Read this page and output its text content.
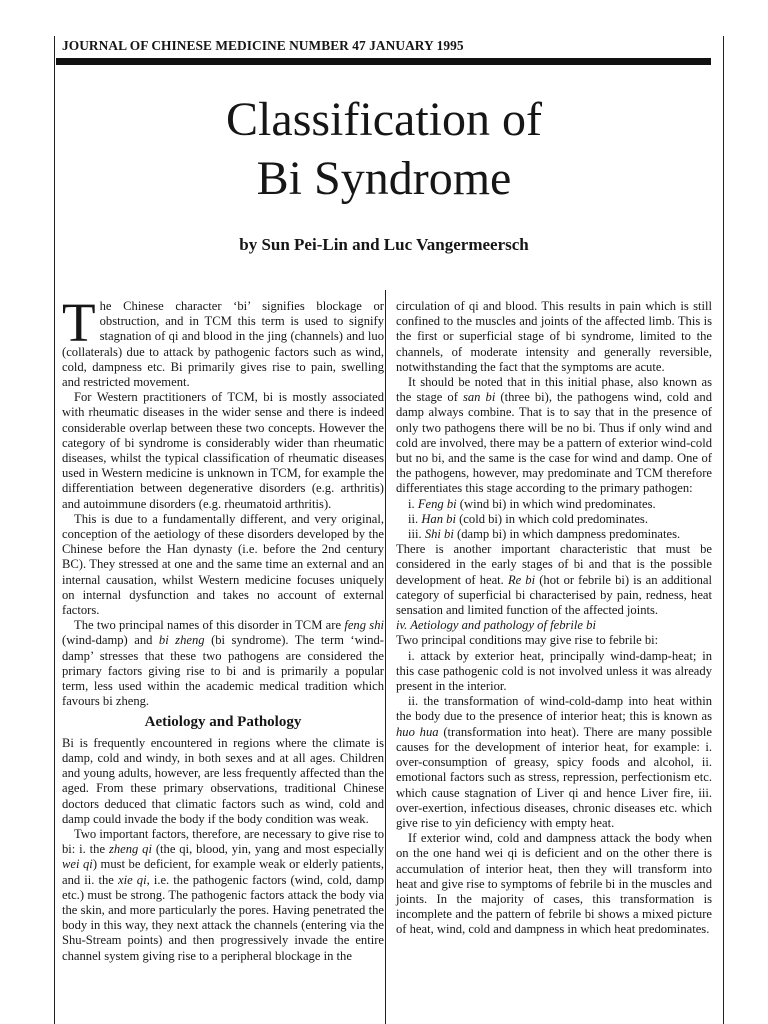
JOURNAL OF CHINESE MEDICINE NUMBER 47 JANUARY 1995
Classification of
Bi Syndrome
by Sun Pei-Lin and Luc Vangermeersch

The Chinese character ‘bi’ signifies blockage or obstruction, and in TCM this term is used to signify stagnation of qi and blood in the jing (channels) and luo (collaterals) due to attack by pathogenic factors such as wind, cold, dampness etc. Bi primarily gives rise to pain, swelling and restricted movement.

For Western practitioners of TCM, bi is mostly associated with rheumatic diseases in the wider sense and there is indeed considerable overlap between these two concepts. However the category of bi syndrome is considerably wider than rheumatic diseases, whilst the typical classification of rheumatic diseases used in Western medicine is unknown in TCM, for example the differentiation between degenerative disorders (e.g. arthritis) and autoimmune disorders (e.g. rheumatoid arthritis).

This is due to a fundamentally different, and very original, conception of the aetiology of these disorders developed by the Chinese before the Han dynasty (i.e. before the 2nd century BC). They stressed at one and the same time an external and an internal causation, whilst Western medicine focuses uniquely on internal dysfunction and takes no account of external factors.

The two principal names of this disorder in TCM are feng shi (wind-damp) and bi zheng (bi syndrome). The term ‘wind-damp’ stresses that these two pathogens are considered the primary factors giving rise to bi and is primarily a popular term, less used within the academic medical tradition which favours bi zheng.

Aetiology and Pathology

Bi is frequently encountered in regions where the climate is damp, cold and windy, in both sexes and at all ages. Children and young adults, however, are less frequently affected than the aged. From these primary observations, traditional Chinese doctors deduced that climatic factors such as wind, cold and damp could invade the body if the body condition was weak.

Two important factors, therefore, are necessary to give rise to bi: i. the zheng qi (the qi, blood, yin, yang and most especially wei qi) must be deficient, for example weak or elderly patients, and ii. the xie qi, i.e. the pathogenic factors (wind, cold, damp etc.) must be strong. The pathogenic factors attack the body via the skin, and more particularly the pores. Having penetrated the body in this way, they next attack the channels (entering via the Shu-Stream points) and then progressively invade the entire channel system giving rise to a peripheral blockage in the

circulation of qi and blood. This results in pain which is still confined to the muscles and joints of the affected limb. This is the first or superficial stage of bi syndrome, limited to the channels, of moderate intensity and generally reversible, notwithstanding the fact that the symptoms are acute.

It should be noted that in this initial phase, also known as the stage of san bi (three bi), the pathogens wind, cold and damp always combine. That is to say that in the presence of only two pathogens there will be no bi. Thus if only wind and cold are involved, there may be a pattern of exterior wind-cold but no bi, and the same is the case for wind and damp. One of the pathogens, however, may predominate and TCM therefore differentiates this stage according to the primary pathogen:

i. Feng bi (wind bi) in which wind predominates.

ii. Han bi (cold bi) in which cold predominates.

iii. Shi bi (damp bi) in which dampness predominates.

There is another important characteristic that must be considered in the early stages of bi and that is the possible development of heat. Re bi (hot or febrile bi) is an additional category of superficial bi characterised by pain, redness, heat sensation and limited function of the affected joints.

iv. Aetiology and pathology of febrile bi

Two principal conditions may give rise to febrile bi:

i. attack by exterior heat, principally wind-damp-heat; in this case pathogenic cold is not involved unless it was already present in the interior.

ii. the transformation of wind-cold-damp into heat within the body due to the presence of interior heat; this is known as huo hua (transformation into heat). There are many possible causes for the development of interior heat, for example: i. over-consumption of greasy, spicy foods and alcohol, ii. emotional factors such as stress, repression, perfectionism etc. which cause stagnation of Liver qi and hence Liver fire, iii. over-exertion, infectious diseases, chronic diseases etc. which give rise to yin deficiency with empty heat.

If exterior wind, cold and dampness attack the body when on the one hand wei qi is deficient and on the other there is accumulation of interior heat, then they will transform into heat and give rise to symptoms of febrile bi in the muscles and joints. In the majority of cases, this transformation is incomplete and the pattern of febrile bi shows a mixed picture of heat, wind, cold and dampness in which heat predominates.
